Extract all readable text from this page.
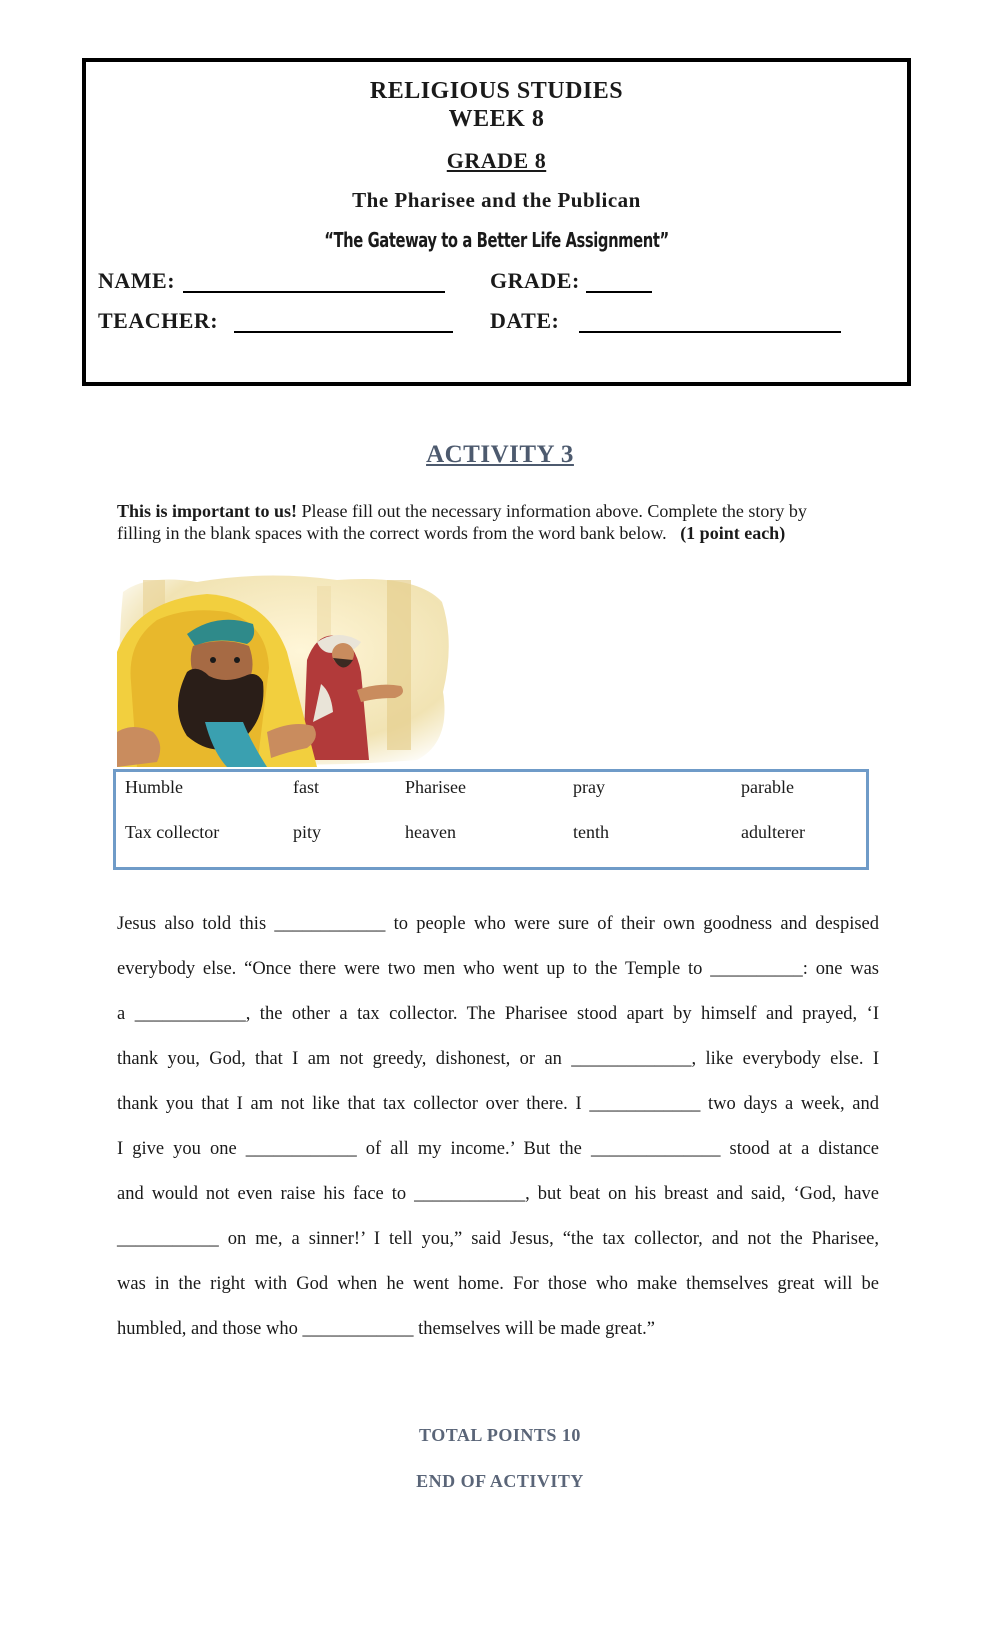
RELIGIOUS STUDIES
WEEK 8
GRADE 8
The Pharisee and the Publican
“The Gateway to a Better Life Assignment”
NAME:	GRADE:
TEACHER:	DATE:
ACTIVITY 3
This is important to us! Please fill out the necessary information above. Complete the story by
filling in the blank spaces with the correct words from the word bank below. (1 point each)
Humble	fast	Pharisee	pray	parable
Tax collector	pity	heaven	tenth	adulterer
Jesus also told this ____________ to people who were sure of their own goodness and despised
everybody else. “Once there were two men who went up to the Temple to __________: one was
a ____________, the other a tax collector. The Pharisee stood apart by himself and prayed, ‘I
thank you, God, that I am not greedy, dishonest, or an _____________, like everybody else. I
thank you that I am not like that tax collector over there. I ____________ two days a week, and
I give you one ____________ of all my income.’ But the ______________ stood at a distance
and would not even raise his face to ____________, but beat on his breast and said, ‘God, have
___________ on me, a sinner!’ I tell you,” said Jesus, “the tax collector, and not the Pharisee,
was in the right with God when he went home. For those who make themselves great will be
humbled, and those who ____________ themselves will be made great.”
TOTAL POINTS 10
END OF ACTIVITY
